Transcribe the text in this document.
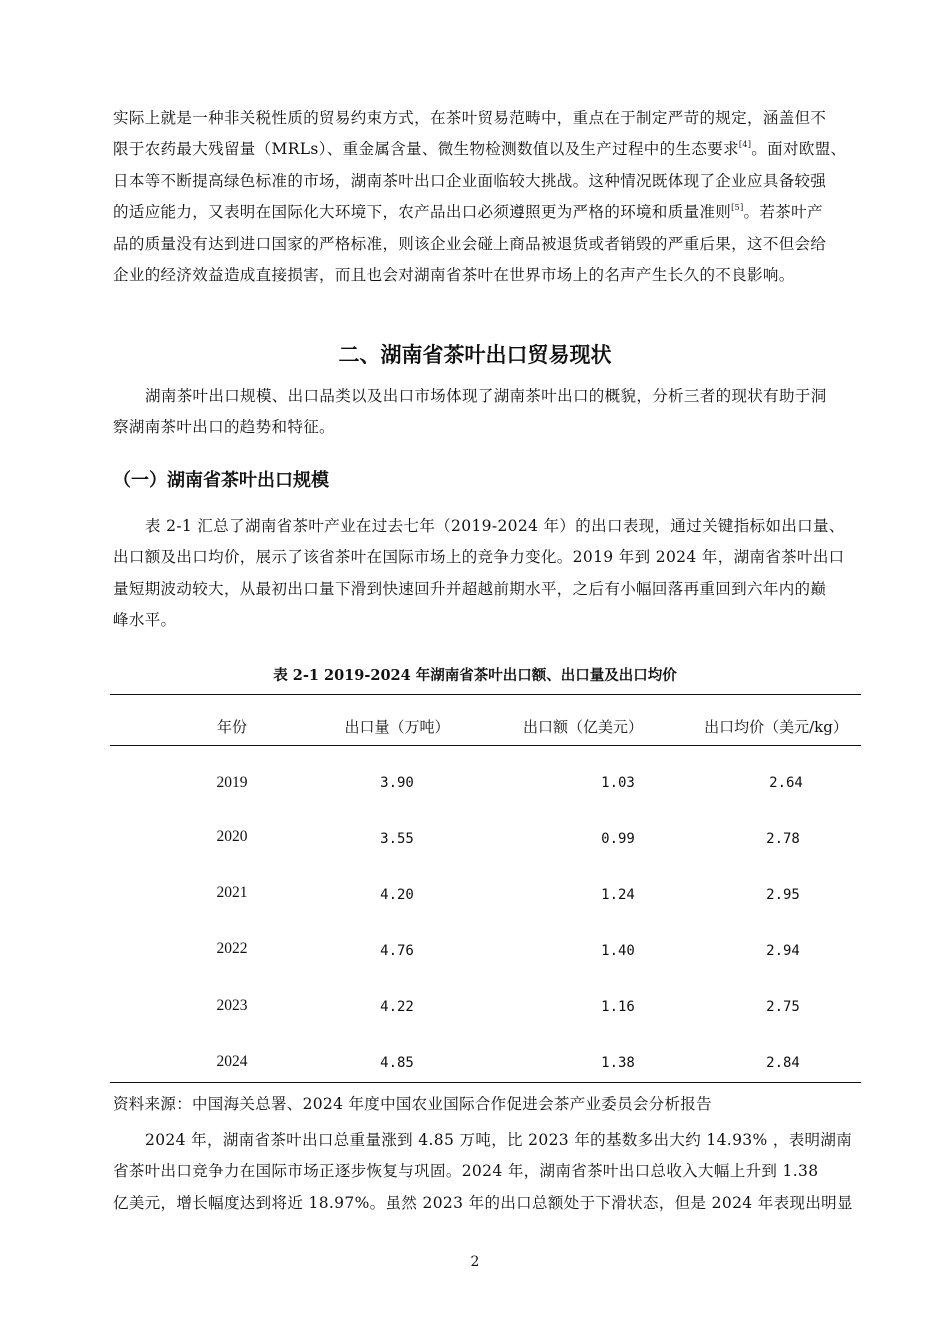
实际上就是一种非关税性质的贸易约束方式，在茶叶贸易范畴中，重点在于制定严苛的规定，涵盖但不
限于农药最大残留量（MRLs）、重金属含量、微生物检测数值以及生产过程中的生态要求[4]。面对欧盟、
日本等不断提高绿色标准的市场，湖南茶叶出口企业面临较大挑战。这种情况既体现了企业应具备较强
的适应能力，又表明在国际化大环境下，农产品出口必须遵照更为严格的环境和质量准则[5]。若茶叶产
品的质量没有达到进口国家的严格标准，则该企业会碰上商品被退货或者销毁的严重后果，这不但会给
企业的经济效益造成直接损害，而且也会对湖南省茶叶在世界市场上的名声产生长久的不良影响。
二、湖南省茶叶出口贸易现状
湖南茶叶出口规模、出口品类以及出口市场体现了湖南茶叶出口的概貌，分析三者的现状有助于洞
察湖南茶叶出口的趋势和特征。
（一）湖南省茶叶出口规模
表 2-1 汇总了湖南省茶叶产业在过去七年（2019-2024 年）的出口表现，通过关键指标如出口量、
出口额及出口均价，展示了该省茶叶在国际市场上的竞争力变化。2019 年到 2024 年，湖南省茶叶出口
量短期波动较大，从最初出口量下滑到快速回升并超越前期水平，之后有小幅回落再重回到六年内的巅
峰水平。
表 2-1 2019-2024 年湖南省茶叶出口额、出口量及出口均价
年份	出口量（万吨）	出口额（亿美元）	出口均价（美元/kg）
2019	3.90	1.03	2.64
2020	3.55	0.99	2.78
2021	4.20	1.24	2.95
2022	4.76	1.40	2.94
2023	4.22	1.16	2.75
2024	4.85	1.38	2.84
资料来源：中国海关总署、2024 年度中国农业国际合作促进会茶产业委员会分析报告
2024 年，湖南省茶叶出口总重量涨到 4.85 万吨，比 2023 年的基数多出大约 14.93% ，表明湖南
省茶叶出口竞争力在国际市场正逐步恢复与巩固。2024 年，湖南省茶叶出口总收入大幅上升到 1.38
亿美元，增长幅度达到将近 18.97%。虽然 2023 年的出口总额处于下滑状态，但是 2024 年表现出明显
2
